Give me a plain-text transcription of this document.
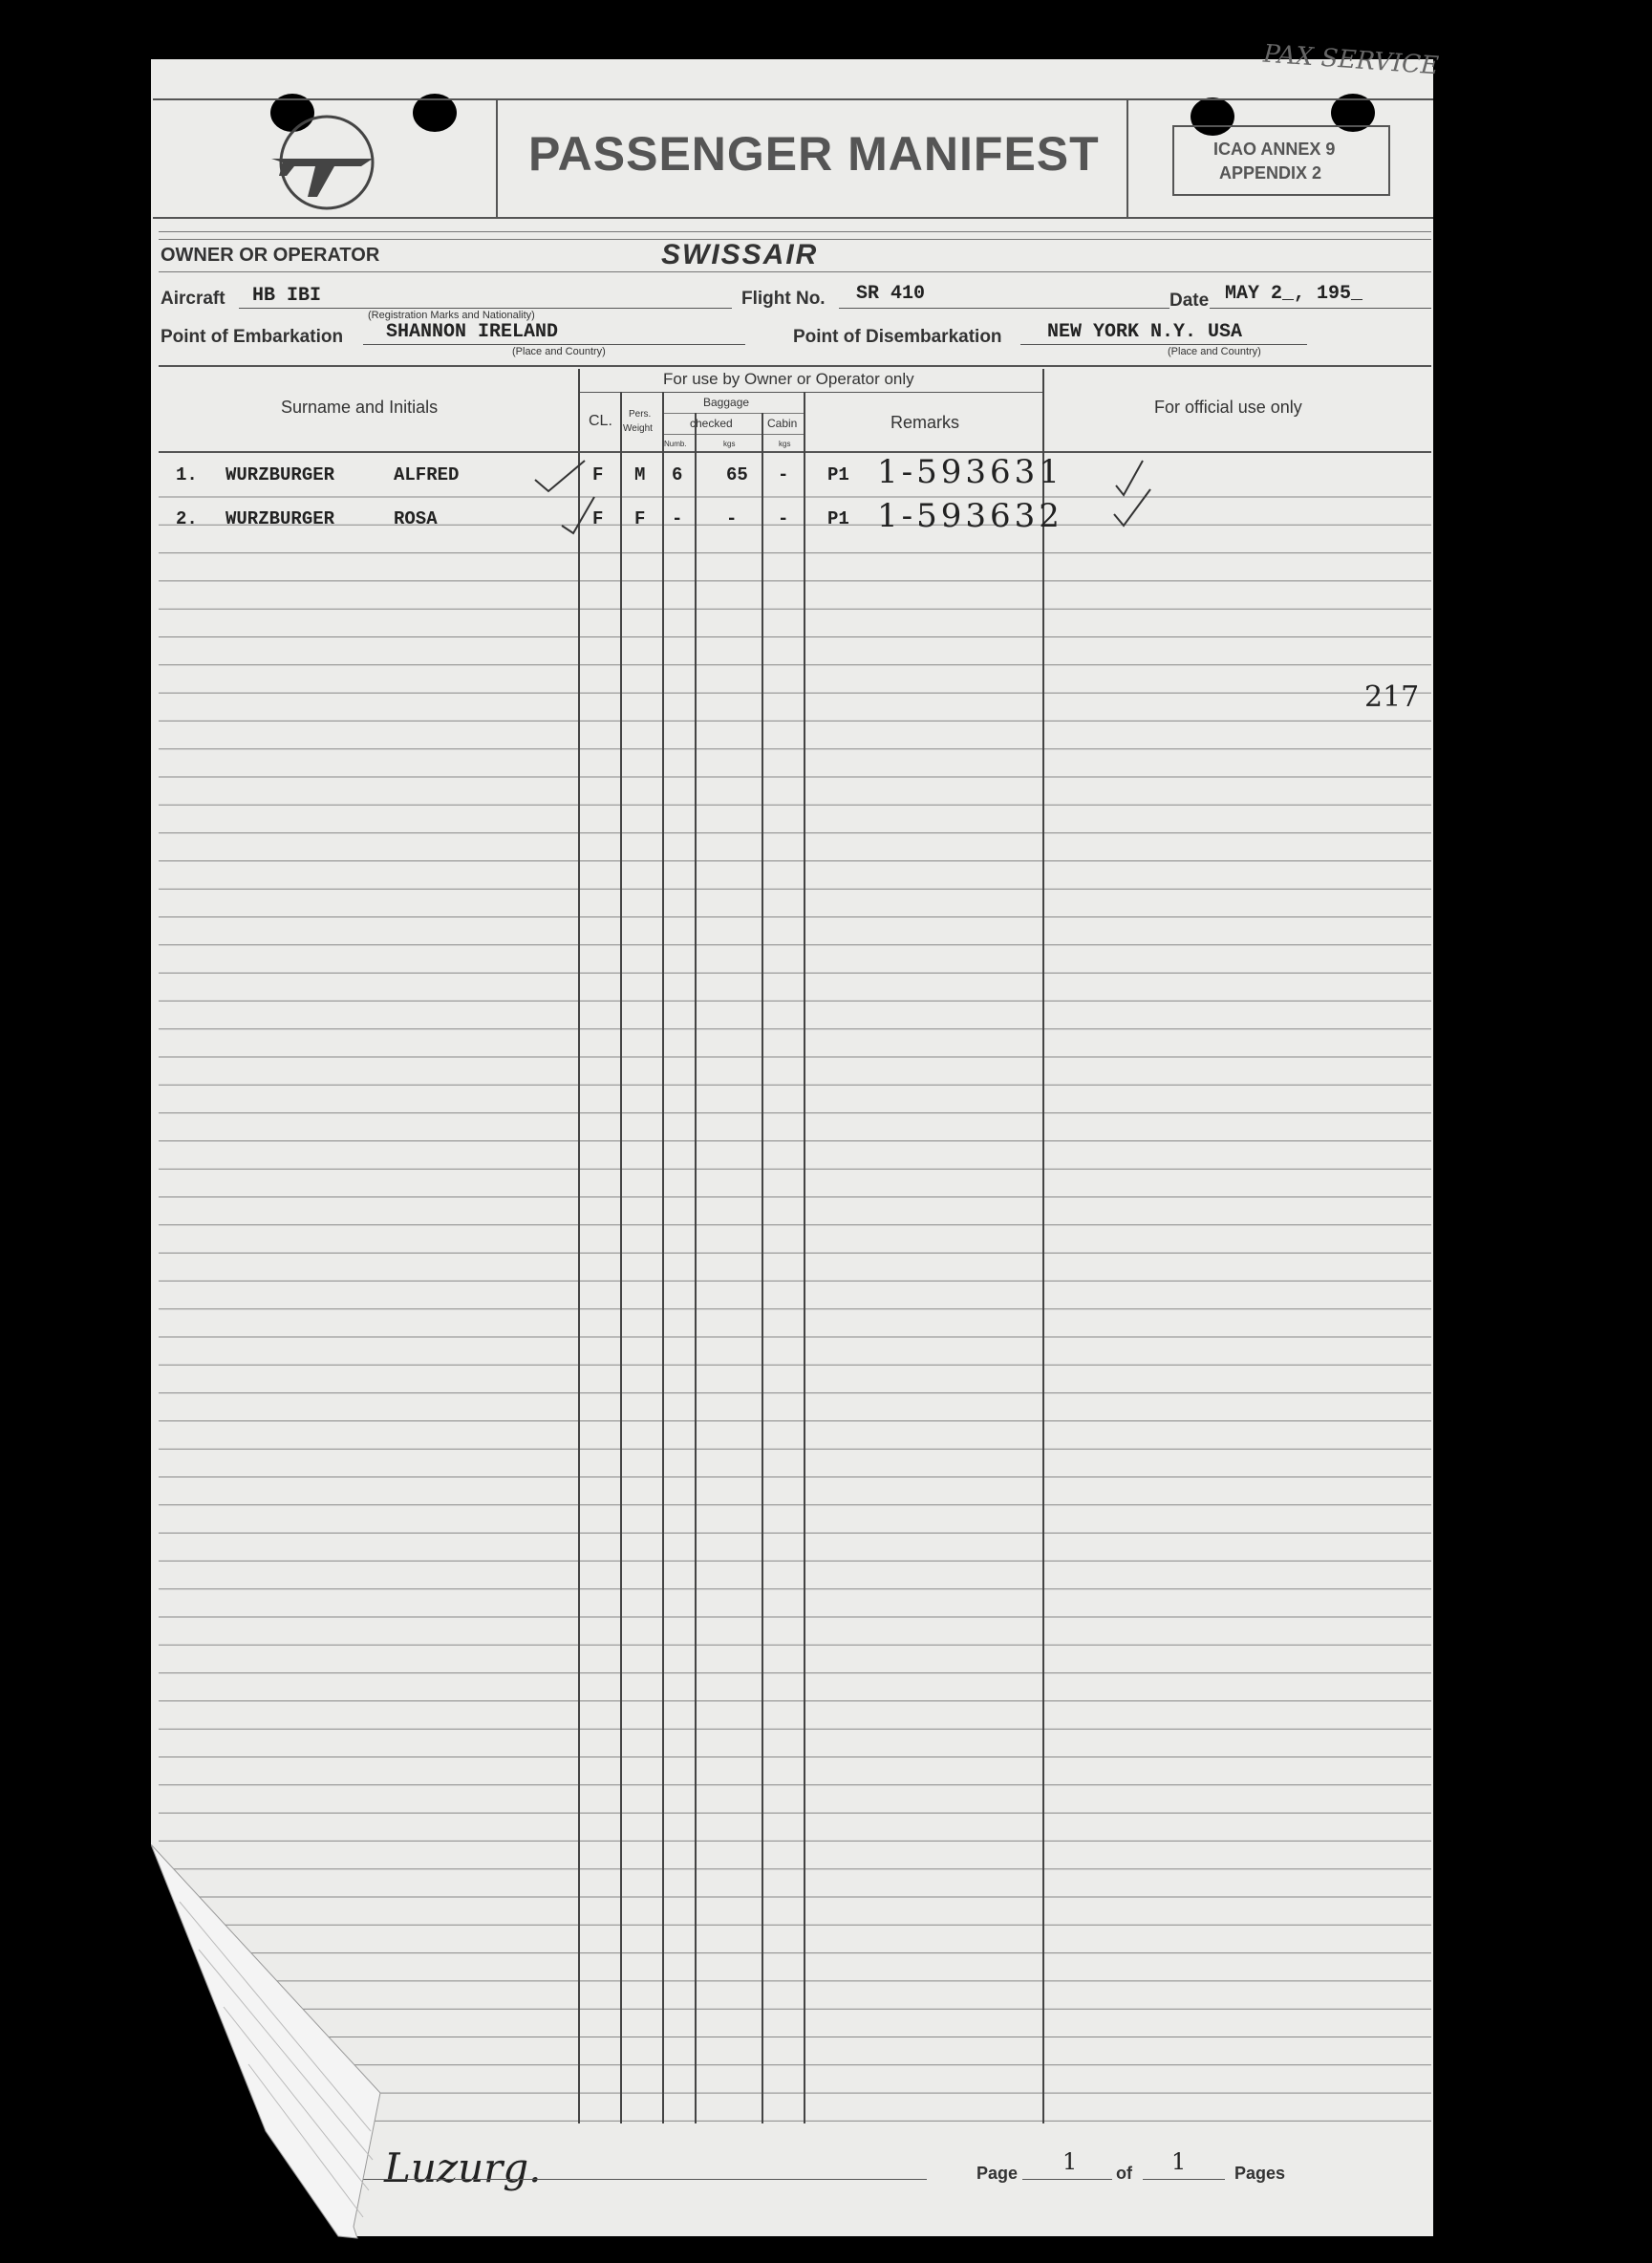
PAX SERVICE
PASSENGER MANIFEST	ICAO ANNEX 9
APPENDIX 2
OWNER OR OPERATOR	SWISSAIR
Aircraft HB IBI
(Registration Marks and Nationality)
Flight No. SR 410	Date MAY 2_, 195_
Point of Embarkation SHANNON IRELAND
(Place and Country)
Point of Disembarkation NEW YORK N.Y. USA
(Place and Country)
For use by Owner or Operator only
Baggage
checked	Cabin
Numb.	kgs	kgs
Surname and Initials
CL. Pers.
Weight	Remarks
For official use only
1. WURZBURGER	ALFRED	F M 6 65 - P1 1-593631
2. WURZBURGER	ROSA	F F - - - P1 1-593632
217
Luzurg.	Page 1 of 1	Pages
